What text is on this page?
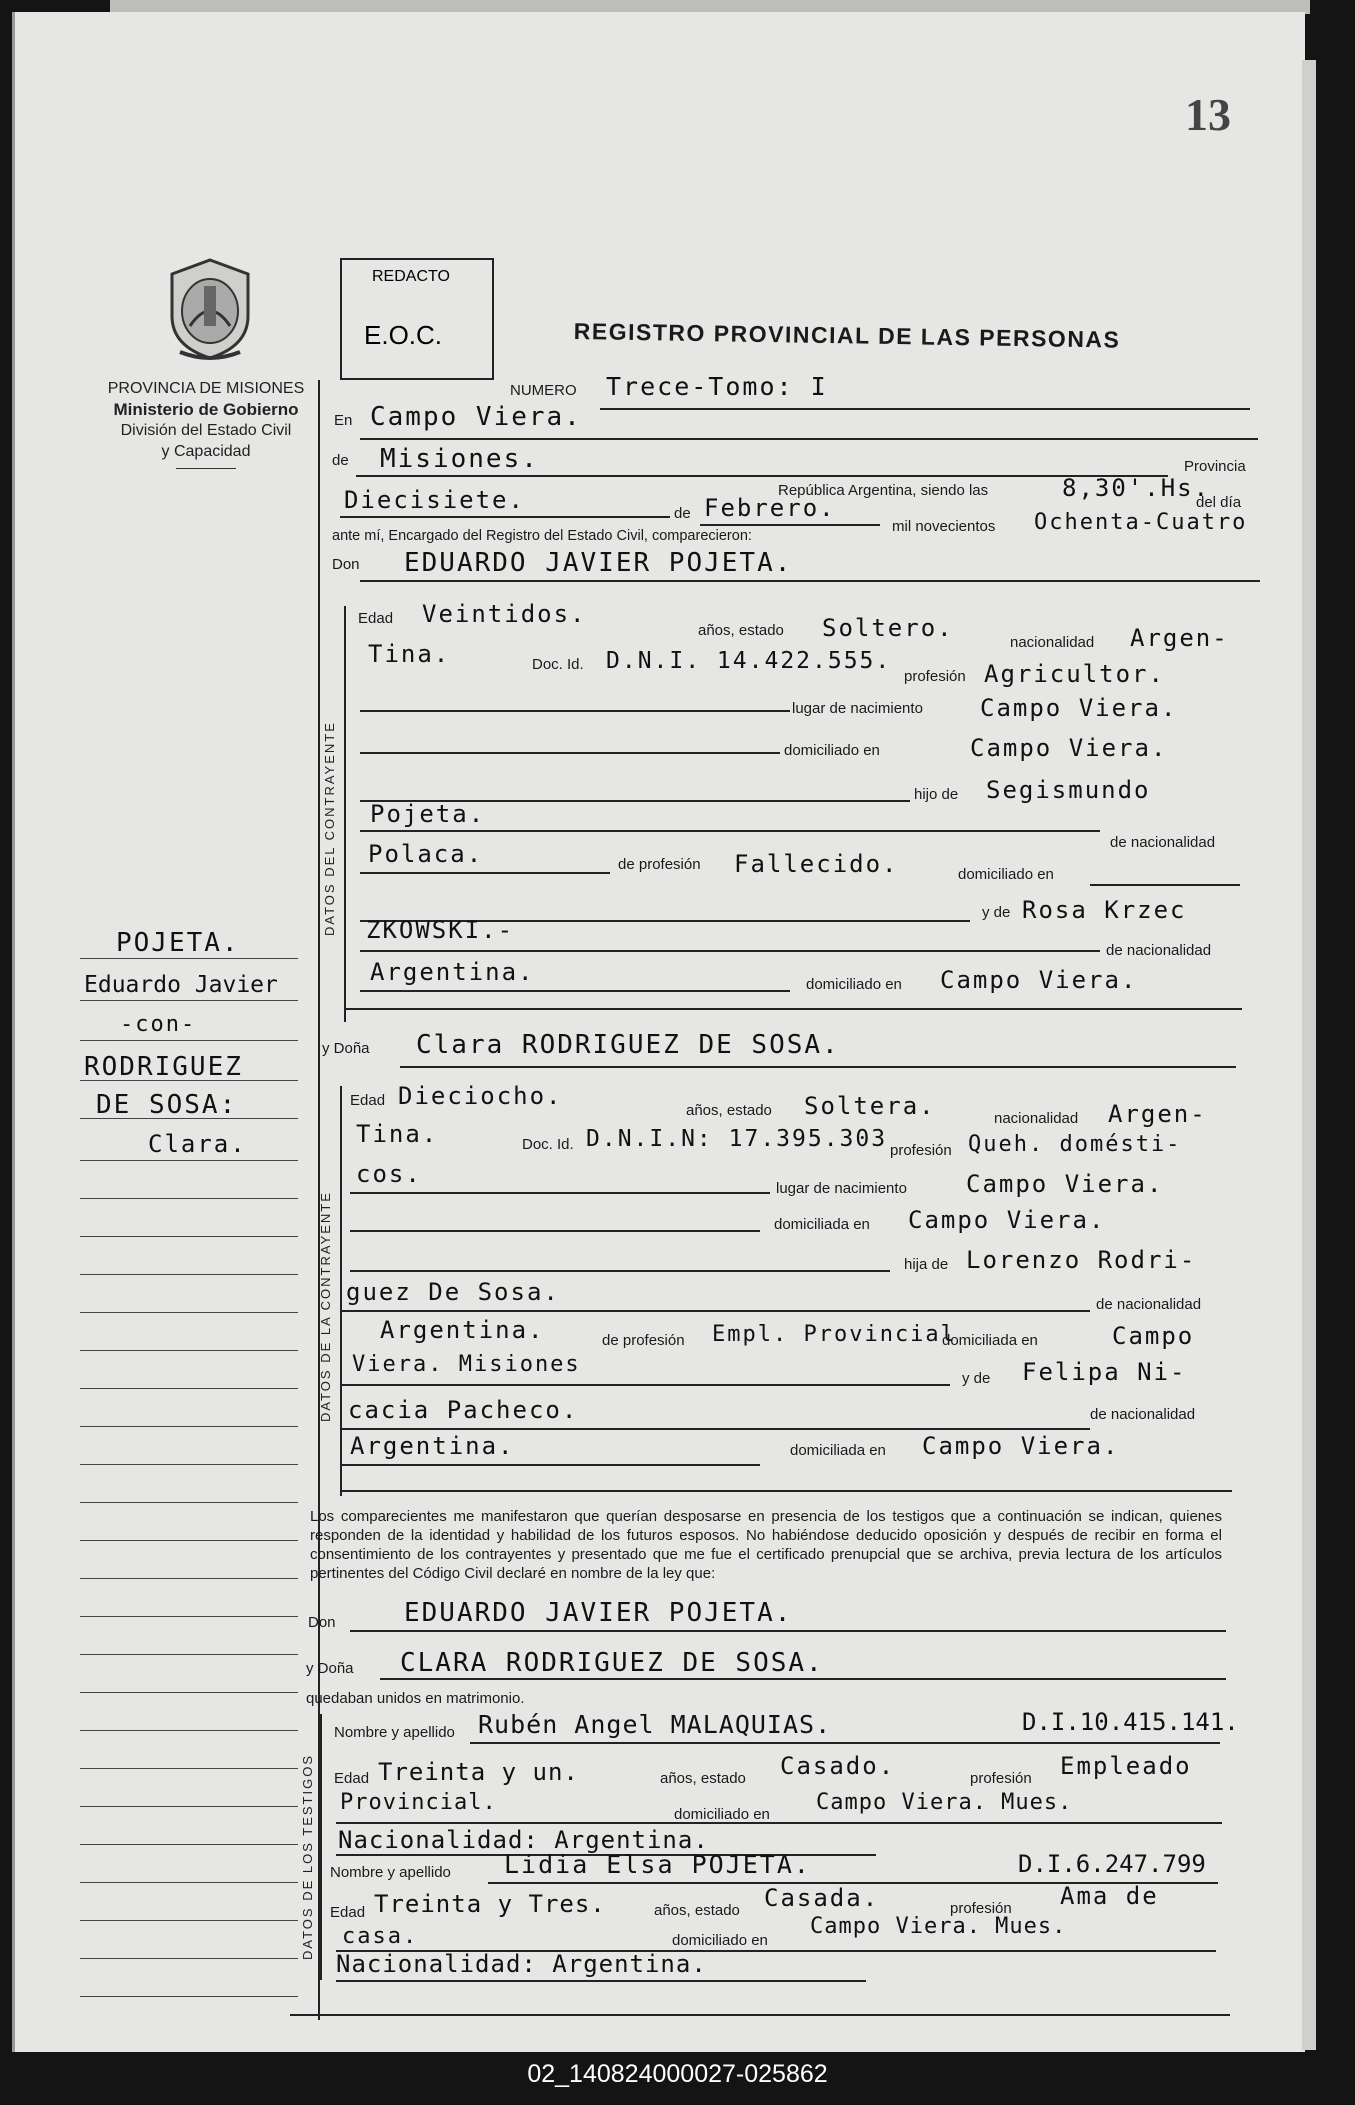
13
PROVINCIA DE MISIONES
Ministerio de Gobierno
División del Estado Civil
y Capacidad
REDACTO
E.O.C.	REGISTRO PROVINCIAL DE LAS PERSONAS
NUMERO Trece-Tomo: I
En Campo Viera.
de Misiones.	Provincia
República Argentina, siendo las	8,30'.Hs.
del día
Diecisiete.	de Febrero.
mil novecientos Ochenta-Cuatro
ante mí, Encargado del Registro del Estado Civil, comparecieron:
Don EDUARDO JAVIER POJETA.
POJETA.
Eduardo Javier
-con-
RODRIGUEZ
DE SOSA:
Clara.
DATOS DEL CONTRAYENTE
Edad Veintidos.
años, estado Soltero.
nacionalidad Argen-
Tina.	Doc. Id. D.N.I. 14.422.555.
profesión Agricultor.
lugar de nacimiento Campo Viera.
domiciliado en	Campo Viera.
hijo de Segismundo
Pojeta.
de nacionalidad
Polaca.	de profesión Fallecido.	domiciliado en
y de Rosa Krzec
ZKOWSKI.-
de nacionalidad
Argentina.	domiciliado en Campo Viera.
y Doña Clara RODRIGUEZ DE SOSA.
DATOS DE LA CONTRAYENTE
Edad Dieciocho.
años, estado Soltera.	nacionalidad Argen-
Tina.	Doc. Id. D.N.I.N: 17.395.303 profesión Queh. domésti-
cos.
lugar de nacimiento Campo Viera.
domiciliada en Campo Viera.
hija de Lorenzo Rodri-
guez De Sosa.	de nacionalidad
Argentina.	de profesión Empl. Provincial
domiciliada en	Campo
Viera. Misiones
y de Felipa Ni-
cacia Pacheco.	de nacionalidad
Argentina.	domiciliada en Campo Viera.
Los comparecientes me manifestaron que querían desposarse en presencia de los testigos que a continuación se indican, quienes responden de la identidad y habilidad de los futuros esposos. No habiéndose deducido oposición y después de recibir en forma el consentimiento de los contrayentes y presentado que me fue el certificado prenupcial que se archiva, previa lectura de los artículos pertinentes del Código Civil declaré en nombre de la ley que:
Don	EDUARDO JAVIER POJETA.
y Doña CLARA RODRIGUEZ DE SOSA.
quedaban unidos en matrimonio.
DATOS DE LOS TESTIGOS
Nombre y apellido Rubén Angel MALAQUIAS.	D.I.10.415.141.
Edad Treinta y un.	años, estado Casado.	profesión Empleado
Provincial.	domiciliado en Campo Viera. Mues.
Nacionalidad: Argentina.
Nombre y apellido Lidia Elsa POJETA.	D.I.6.247.799
Edad Treinta y Tres.	años, estado Casada.	profesión Ama de
casa.	domiciliado en
Campo Viera. Mues.
Nacionalidad: Argentina.
02_140824000027-025862
